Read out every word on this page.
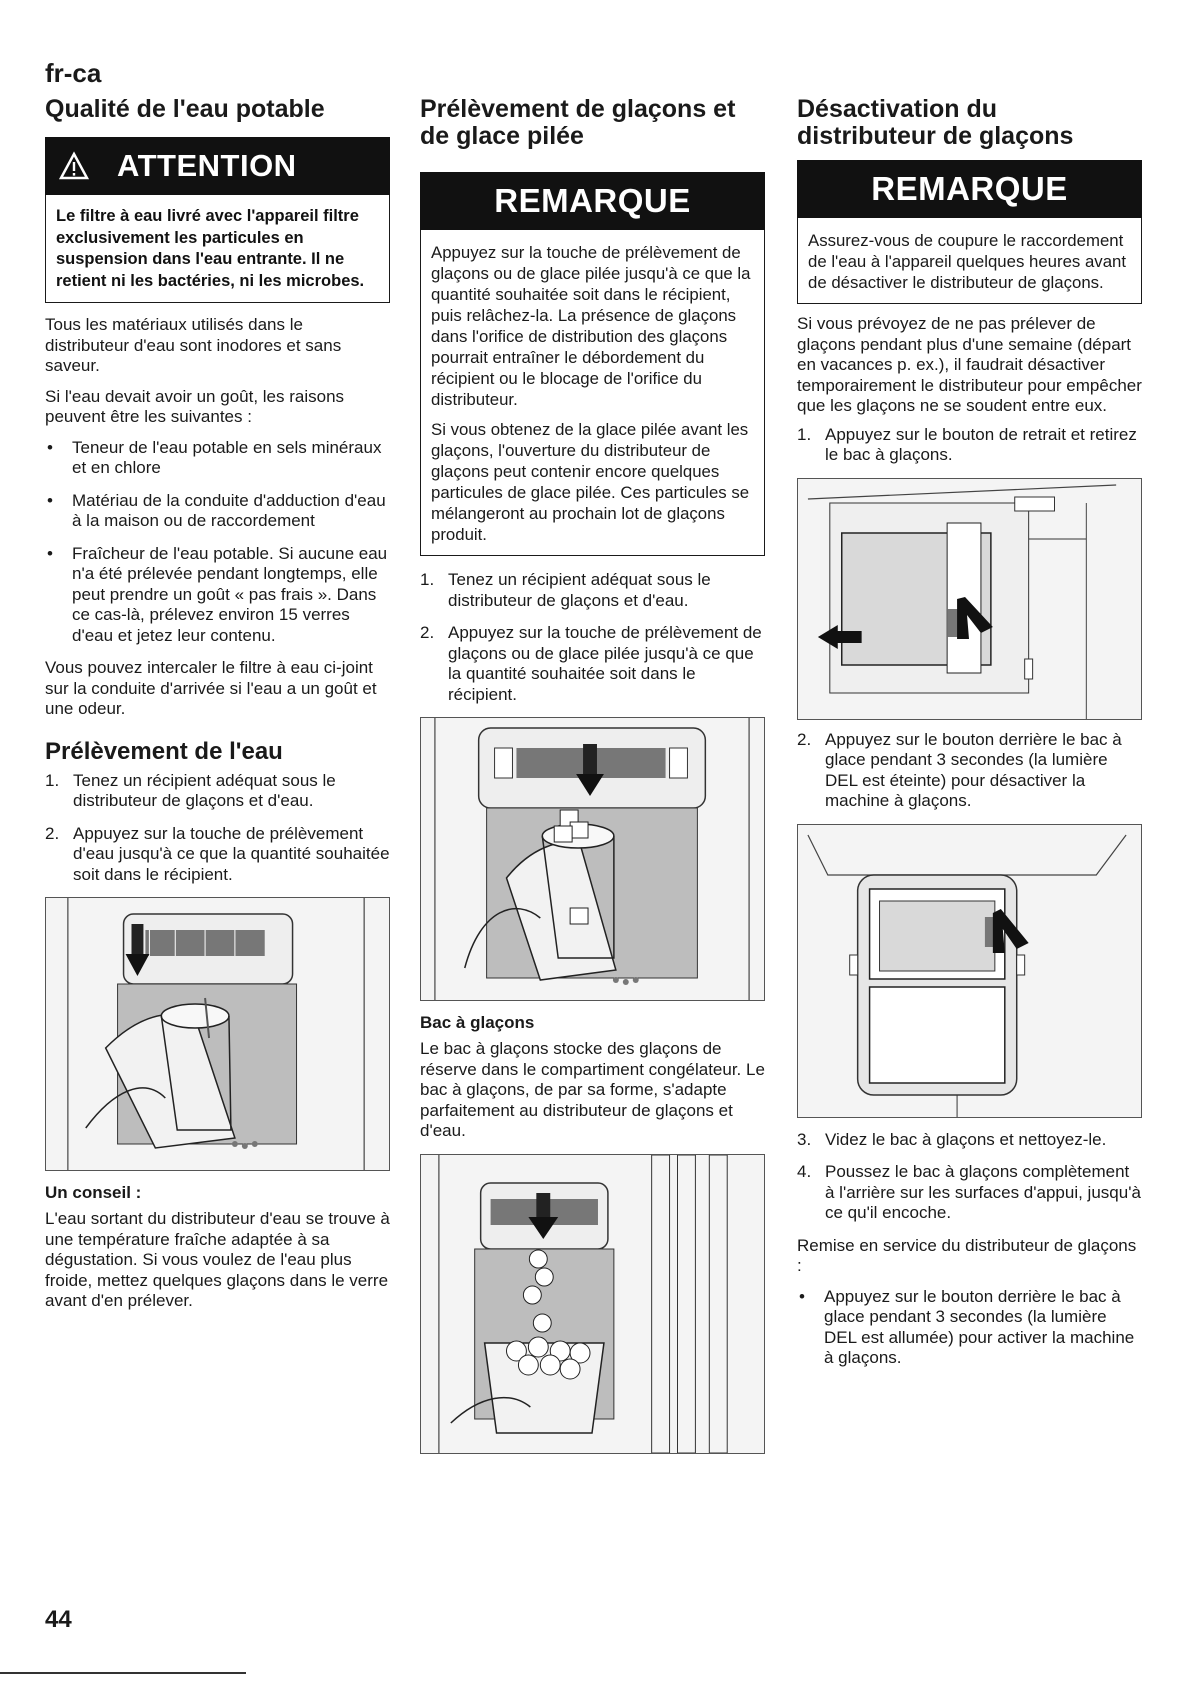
fr-ca
Qualité de l'eau potable
ATTENTION
Le filtre à eau livré avec l'appareil filtre exclusivement les particules en suspension dans l'eau entrante. Il ne retient ni les bactéries, ni les microbes.

Tous les matériaux utilisés dans le distributeur d'eau sont inodores et sans saveur.

Si l'eau devait avoir un goût, les raisons peuvent être les suivantes :

• Teneur de l'eau potable en sels minéraux et en chlore
• Matériau de la conduite d'adduction d'eau à la maison ou de raccordement
• Fraîcheur de l'eau potable. Si aucune eau n'a été prélevée pendant longtemps, elle peut prendre un goût « pas frais ». Dans ce cas-là, prélevez environ 15 verres d'eau et jetez leur contenu.

Vous pouvez intercaler le filtre à eau ci-joint sur la conduite d'arrivée si l'eau a un goût et une odeur.

Prélèvement de l'eau
1. Tenez un récipient adéquat sous le distributeur de glaçons et d'eau.
2. Appuyez sur la touche de prélèvement d'eau jusqu'à ce que la quantité souhaitée soit dans le récipient.
Un conseil :

L'eau sortant du distributeur d'eau se trouve à une température fraîche adaptée à sa dégustation. Si vous voulez de l'eau plus froide, mettez quelques glaçons dans le verre avant d'en prélever.

Prélèvement de glaçons et de glace pilée
REMARQUE

Appuyez sur la touche de prélèvement de glaçons ou de glace pilée jusqu'à ce que la quantité souhaitée soit dans le récipient, puis relâchez-la. La présence de glaçons dans l'orifice de distribution des glaçons pourrait entraîner le débordement du récipient ou le blocage de l'orifice du distributeur.

Si vous obtenez de la glace pilée avant les glaçons, l'ouverture du distributeur de glaçons peut contenir encore quelques particules de glace pilée. Ces particules se mélangeront au prochain lot de glaçons produit.

1. Tenez un récipient adéquat sous le distributeur de glaçons et d'eau.
2. Appuyez sur la touche de prélèvement de glaçons ou de glace pilée jusqu'à ce que la quantité souhaitée soit dans le récipient.
Bac à glaçons

Le bac à glaçons stocke des glaçons de réserve dans le compartiment congélateur. Le bac à glaçons, de par sa forme, s'adapte parfaitement au distributeur de glaçons et d'eau.

Désactivation du distributeur de glaçons
REMARQUE
Assurez-vous de coupure le raccordement de l'eau à l'appareil quelques heures avant de désactiver le distributeur de glaçons.

Si vous prévoyez de ne pas prélever de glaçons pendant plus d'une semaine (départ en vacances p. ex.), il faudrait désactiver temporairement le distributeur pour empêcher que les glaçons ne se soudent entre eux.

1. Appuyez sur le bouton de retrait et retirez le bac à glaçons.
2. Appuyez sur le bouton derrière le bac à glace pendant 3 secondes (la lumière DEL est éteinte) pour désactiver la machine à glaçons.
3. Videz le bac à glaçons et nettoyez-le.
4. Poussez le bac à glaçons complètement à l'arrière sur les surfaces d'appui, jusqu'à ce qu'il encoche.

Remise en service du distributeur de glaçons :

• Appuyez sur le bouton derrière le bac à glace pendant 3 secondes (la lumière DEL est allumée) pour activer la machine à glaçons.
44
